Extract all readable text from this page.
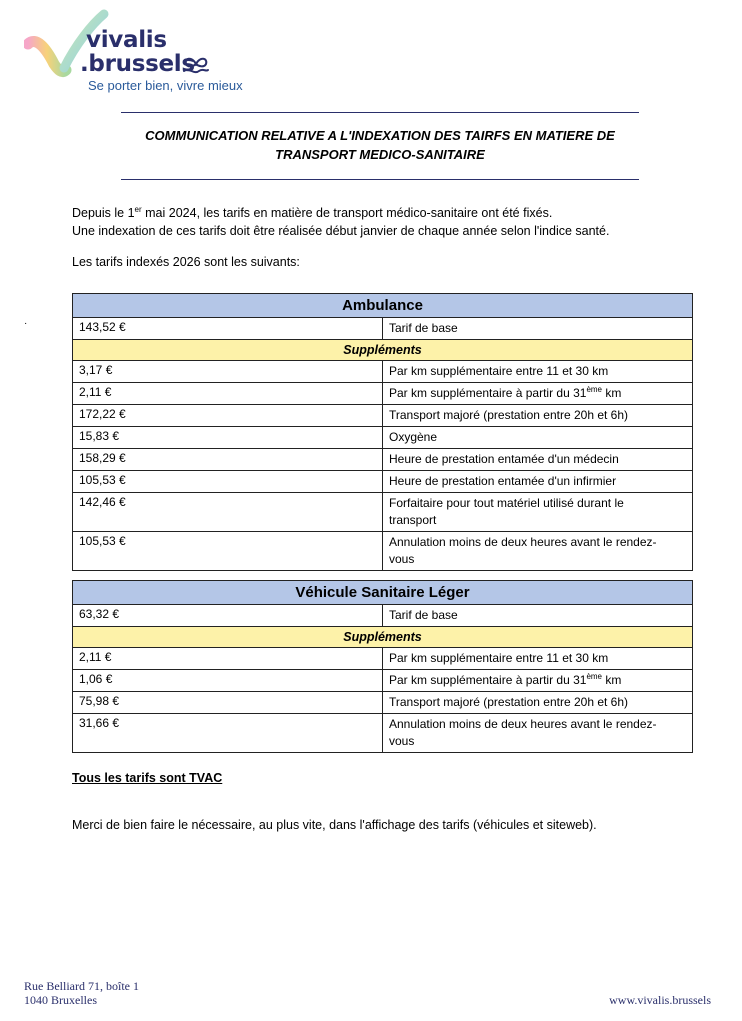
vivalis
.brussels
Se porter bien, vivre mieux
COMMUNICATION RELATIVE A L'INDEXATION DES TAIRFS EN MATIERE DE
TRANSPORT MEDICO-SANITAIRE

Depuis le 1er mai 2024, les tarifs en matière de transport médico-sanitaire ont été fixés.

Une indexation de ces tarifs doit être réalisée début janvier de chaque année selon l'indice santé.

Les tarifs indexés 2026 sont les suivants:
·
Ambulance	
143,52 €	Tarif de base
Suppléments	
3,17 €	Par km supplémentaire entre 11 et 30 km
2,11 €	Par km supplémentaire à partir du 31ème km
172,22 €	Transport majoré (prestation entre 20h et 6h)
15,83 €	Oxygène
158,29 €	Heure de prestation entamée d'un médecin
105,53 €	Heure de prestation entamée d'un infirmier
142,46 €	Forfaitaire pour tout matériel utilisé durant le
transport

105,53 €	Annulation moins de deux heures avant le rendez-
vous
Véhicule Sanitaire Léger	
63,32 €	Tarif de base
Suppléments	
2,11 €	Par km supplémentaire entre 11 et 30 km
1,06 €	Par km supplémentaire à partir du 31ème km
75,98 €	Transport majoré (prestation entre 20h et 6h)
31,66 €	Annulation moins de deux heures avant le rendez-
vous
Tous les tarifs sont TVAC
Merci de bien faire le nécessaire, au plus vite, dans l'affichage des tarifs (véhicules et siteweb).
Rue Belliard 71, boîte 1
1040 Bruxelles	www.vivalis.brussels
